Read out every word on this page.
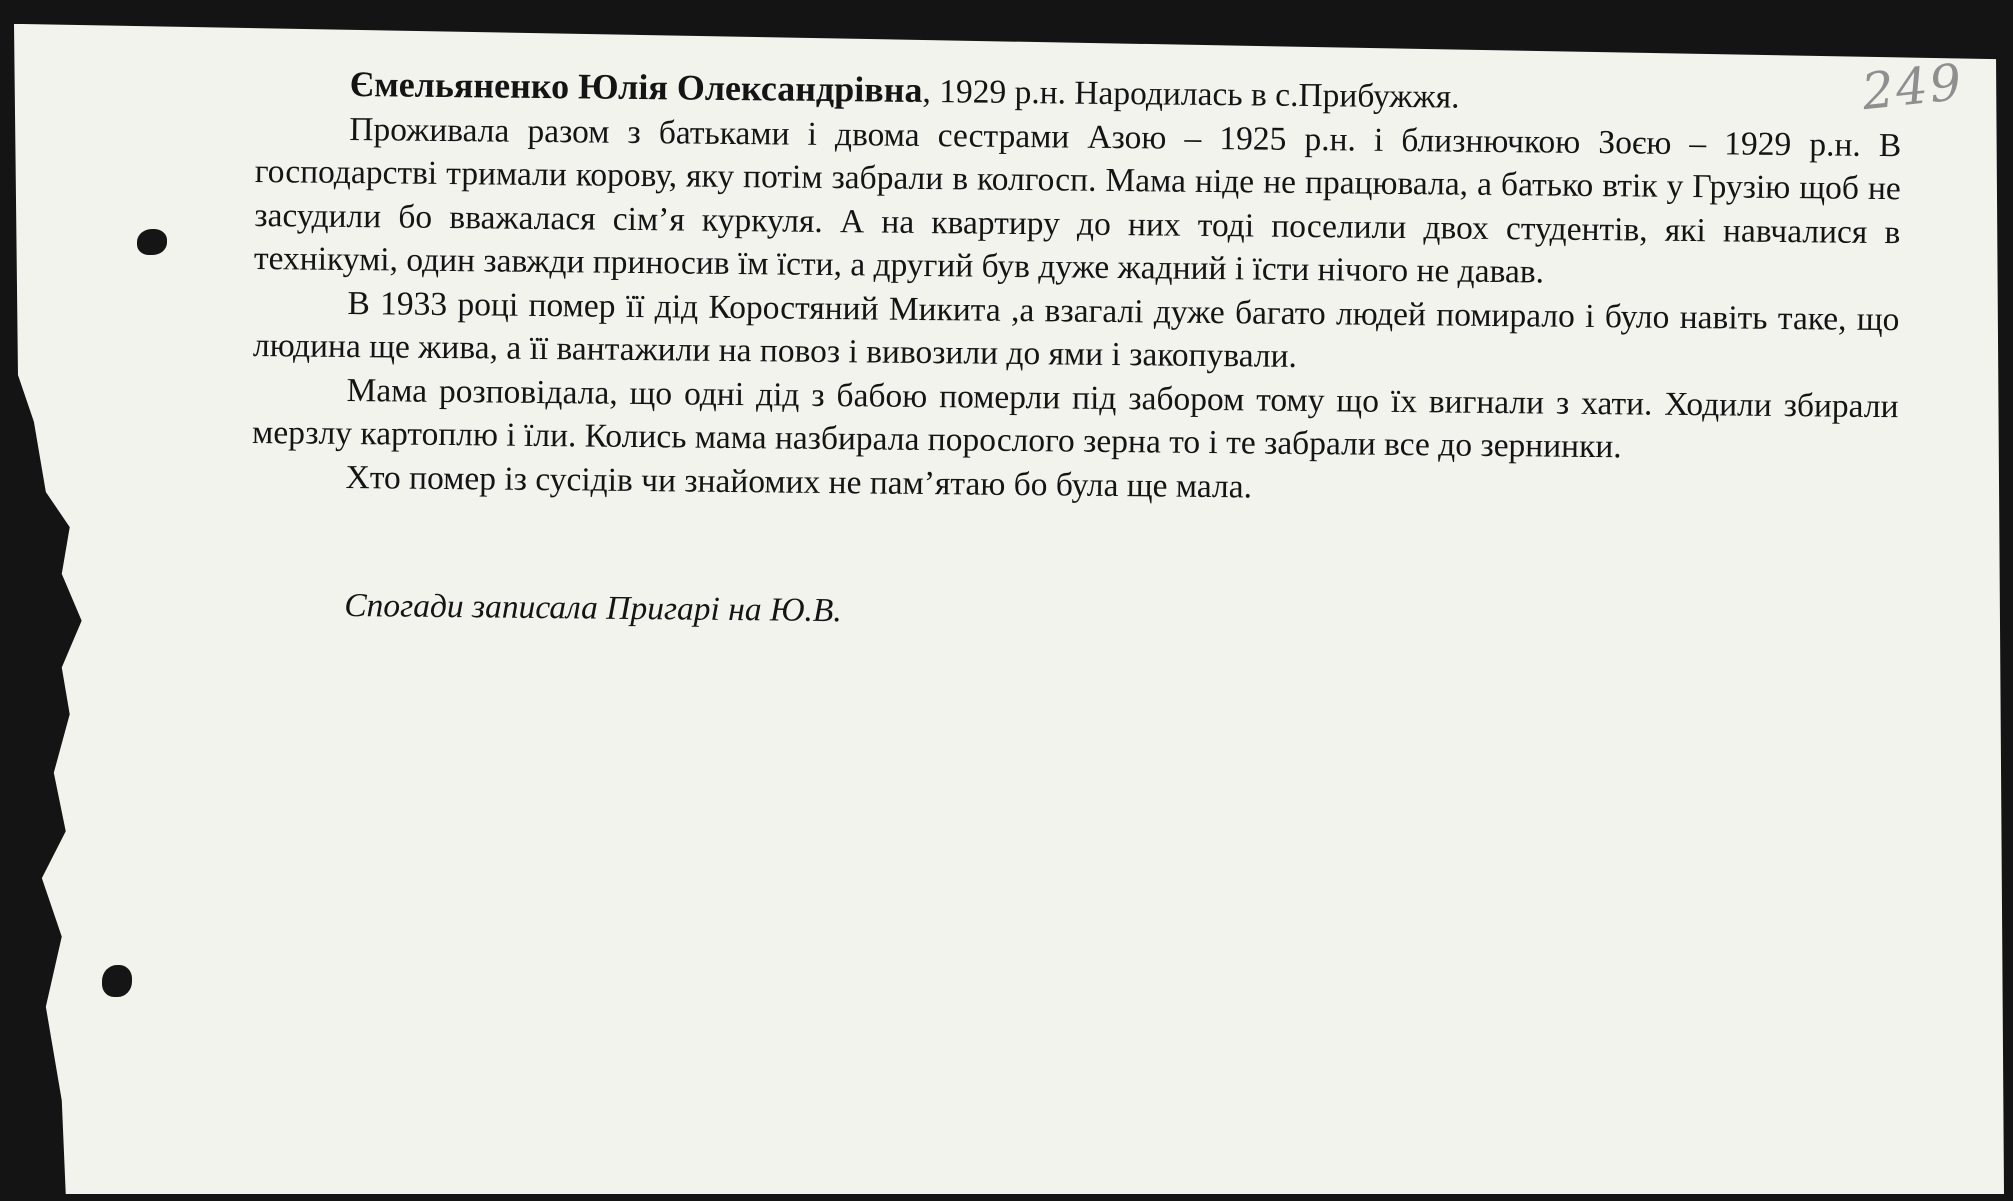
249

Ємельяненко Юлія Олександрівна, 1929 р.н. Народилась в с.Прибужжя.

Проживала разом з батьками і двома сестрами Азою – 1925 р.н. і близнючкою Зоєю – 1929 р.н. В господарстві тримали корову, яку потім забрали в колгосп. Мама ніде не працювала, а батько втік у Грузію щоб не засудили бо вважалася сім’я куркуля. А на квартиру до них тоді поселили двох студентів, які навчалися в технікумі, один завжди приносив їм їсти, а другий був дуже жадний і їсти нічого не давав.

В 1933 році помер її дід Коростяний Микита ,а взагалі дуже багато людей помирало і було навіть таке, що людина ще жива, а її вантажили на повоз і вивозили до ями і закопували.

Мама розповідала, що одні дід з бабою померли під забором тому що їх вигнали з хати. Ходили збирали мерзлу картоплю і їли. Колись мама назбирала порослого зерна то і те забрали все до зернинки.

Хто помер із сусідів чи знайомих не пам’ятаю бо була ще мала.

Спогади записала Пригарі на Ю.В.
